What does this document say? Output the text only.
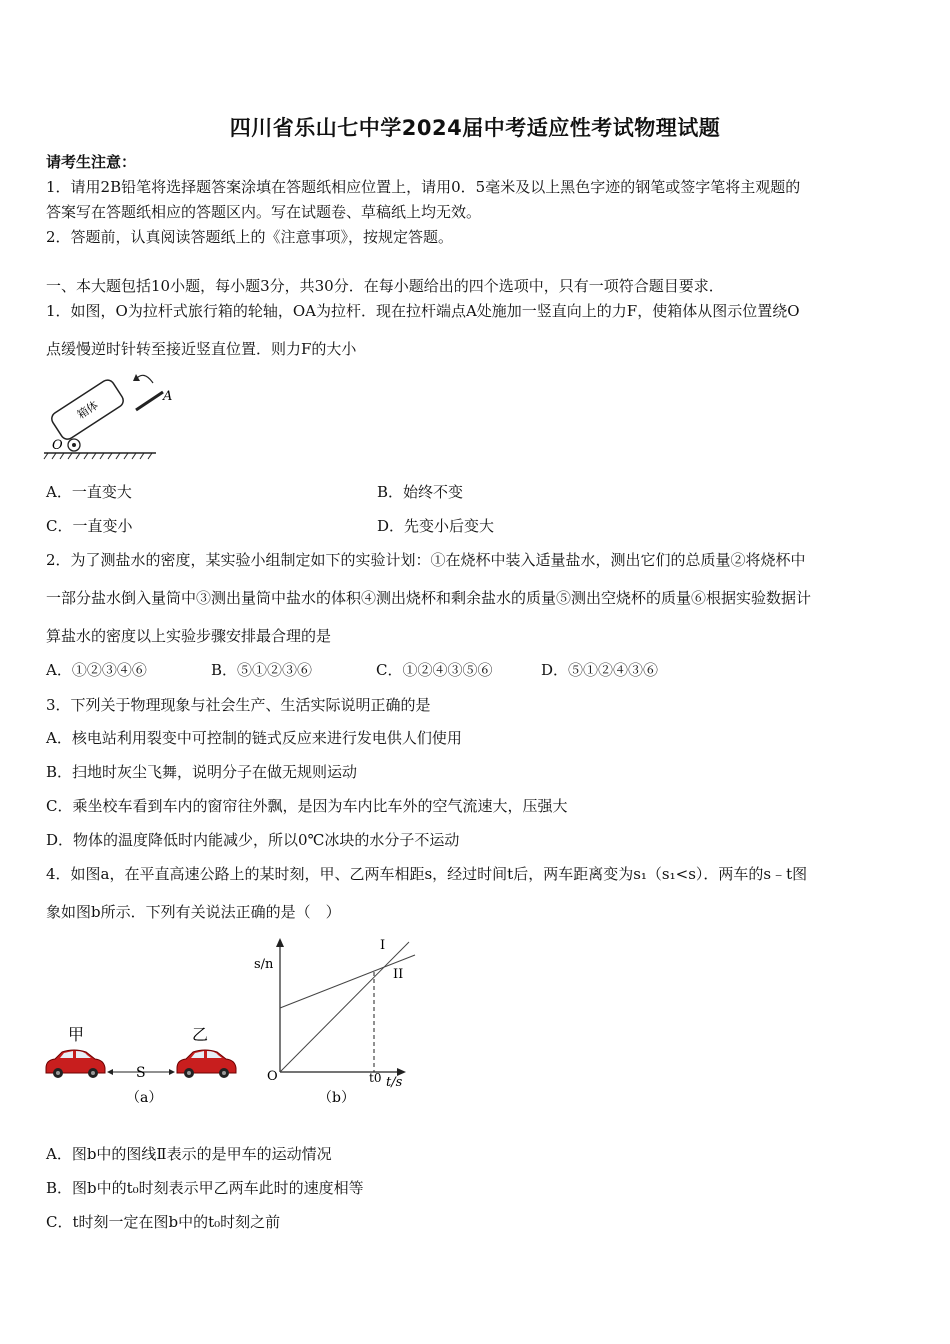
四川省乐山七中学2024届中考适应性考试物理试题
请考生注意：
1．请用2B铅笔将选择题答案涂填在答题纸相应位置上，请用0．5毫米及以上黑色字迹的钢笔或签字笔将主观题的
答案写在答题纸相应的答题区内。写在试题卷、草稿纸上均无效。
2．答题前，认真阅读答题纸上的《注意事项》，按规定答题。
一、本大题包括10小题，每小题3分，共30分．在每小题给出的四个选项中，只有一项符合题目要求．
1．如图，O为拉杆式旅行箱的轮轴，OA为拉杆．现在拉杆端点A处施加一竖直向上的力F，使箱体从图示位置绕O
点缓慢逆时针转至接近竖直位置．则力F的大小
箱体
O
A
A．一直变大	B．始终不变
C．一直变小	D．先变小后变大
2．为了测盐水的密度，某实验小组制定如下的实验计划：①在烧杯中装入适量盐水，测出它们的总质量②将烧杯中
一部分盐水倒入量筒中③测出量筒中盐水的体积④测出烧杯和剩余盐水的质量⑤测出空烧杯的质量⑥根据实验数据计
算盐水的密度以上实验步骤安排最合理的是
A．①②③④⑥	B．⑤①②③⑥	C．①②④③⑤⑥	D．⑤①②④③⑥
3．下列关于物理现象与社会生产、生活实际说明正确的是
A．核电站利用裂变中可控制的链式反应来进行发电供人们使用
B．扫地时灰尘飞舞，说明分子在做无规则运动
C．乘坐校车看到车内的窗帘往外飘，是因为车内比车外的空气流速大，压强大
D．物体的温度降低时内能减少，所以0℃冰块的水分子不运动
4．如图a，在平直高速公路上的某时刻，甲、乙两车相距s，经过时间t后，两车距离变为s₁（s₁<s）．两车的s﹣t图
象如图b所示．下列有关说法正确的是（　）
甲	乙
S
（a）
s/n
t/s
O	t0
I
II
（b）
A．图b中的图线Ⅱ表示的是甲车的运动情况
B．图b中的t₀时刻表示甲乙两车此时的速度相等
C．t时刻一定在图b中的t₀时刻之前
